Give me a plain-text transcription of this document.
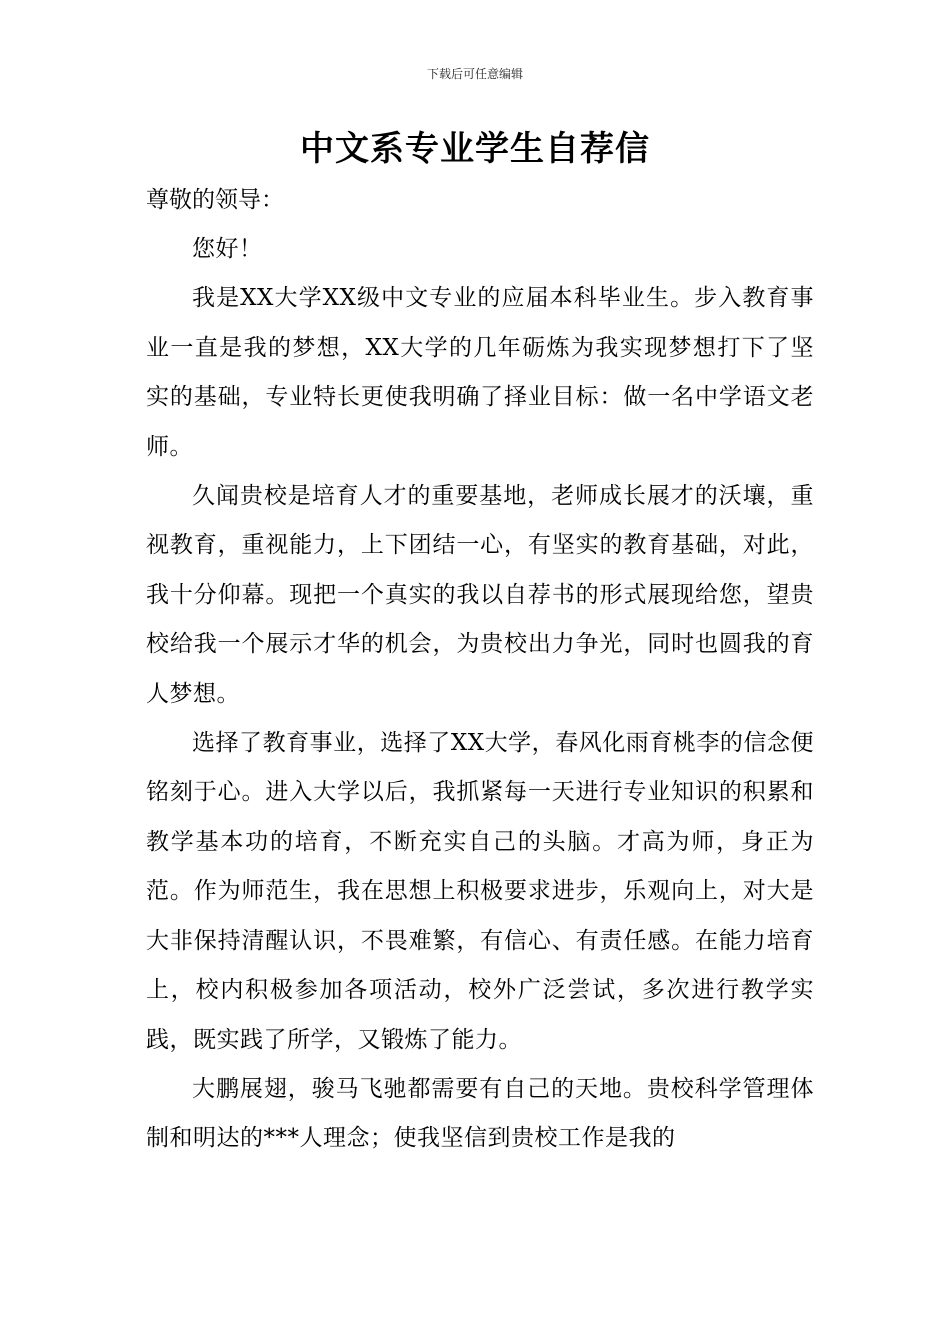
下载后可任意编辑
中文系专业学生自荐信

尊敬的领导：

您好！

我是XX大学XX级中文专业的应届本科毕业生。步入教育事业一直是我的梦想，XX大学的几年砺炼为我实现梦想打下了坚实的基础，专业特长更使我明确了择业目标：做一名中学语文老师。

久闻贵校是培育人才的重要基地，老师成长展才的沃壤，重视教育，重视能力，上下团结一心，有坚实的教育基础，对此，我十分仰幕。现把一个真实的我以自荐书的形式展现给您，望贵校给我一个展示才华的机会，为贵校出力争光，同时也圆我的育人梦想。

选择了教育事业，选择了XX大学，春风化雨育桃李的信念便铭刻于心。进入大学以后，我抓紧每一天进行专业知识的积累和教学基本功的培育，不断充实自己的头脑。才高为师，身正为范。作为师范生，我在思想上积极要求进步，乐观向上，对大是大非保持清醒认识，不畏难繁，有信心、有责任感。在能力培育上，校内积极参加各项活动，校外广泛尝试，多次进行教学实践，既实践了所学，又锻炼了能力。

大鹏展翅，骏马飞驰都需要有自己的天地。贵校科学管理体制和明达的***人理念；使我坚信到贵校工作是我的
